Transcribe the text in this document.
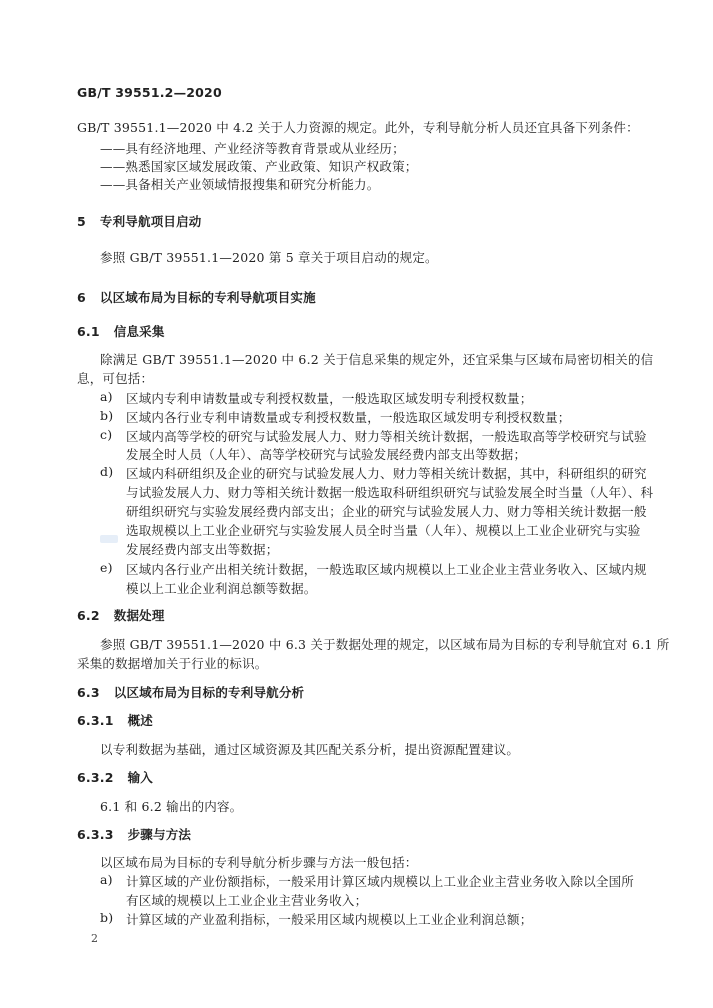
GB/T 39551.2—2020
GB/T 39551.1—2020 中 4.2 关于人力资源的规定。此外，专利导航分析人员还宜具备下列条件：
——具有经济地理、产业经济等教育背景或从业经历；
——熟悉国家区域发展政策、产业政策、知识产权政策；
——具备相关产业领域情报搜集和研究分析能力。
5 专利导航项目启动
参照 GB/T 39551.1—2020 第 5 章关于项目启动的规定。
6 以区域布局为目标的专利导航项目实施
6.1 信息采集
除满足 GB/T 39551.1—2020 中 6.2 关于信息采集的规定外，还宜采集与区域布局密切相关的信
息，可包括：
a) 区域内专利申请数量或专利授权数量，一般选取区域发明专利授权数量；
b) 区域内各行业专利申请数量或专利授权数量，一般选取区域发明专利授权数量；
c) 区域内高等学校的研究与试验发展人力、财力等相关统计数据，一般选取高等学校研究与试验
发展全时人员（人年）、高等学校研究与试验发展经费内部支出等数据；
d) 区域内科研组织及企业的研究与试验发展人力、财力等相关统计数据，其中，科研组织的研究
与试验发展人力、财力等相关统计数据一般选取科研组织研究与试验发展全时当量（人年）、科
研组织研究与实验发展经费内部支出；企业的研究与试验发展人力、财力等相关统计数据一般
选取规模以上工业企业研究与实验发展人员全时当量（人年）、规模以上工业企业研究与实验
发展经费内部支出等数据；
e) 区域内各行业产出相关统计数据，一般选取区域内规模以上工业企业主营业务收入、区域内规
模以上工业企业利润总额等数据。
6.2 数据处理
参照 GB/T 39551.1—2020 中 6.3 关于数据处理的规定，以区域布局为目标的专利导航宜对 6.1 所
采集的数据增加关于行业的标识。
6.3 以区域布局为目标的专利导航分析
6.3.1 概述
以专利数据为基础，通过区域资源及其匹配关系分析，提出资源配置建议。
6.3.2 输入
6.1 和 6.2 输出的内容。
6.3.3 步骤与方法
以区域布局为目标的专利导航分析步骤与方法一般包括：
a) 计算区域的产业份额指标，一般采用计算区域内规模以上工业企业主营业务收入除以全国所
有区域的规模以上工业企业主营业务收入；
b) 计算区域的产业盈利指标，一般采用区域内规模以上工业企业利润总额；
2
